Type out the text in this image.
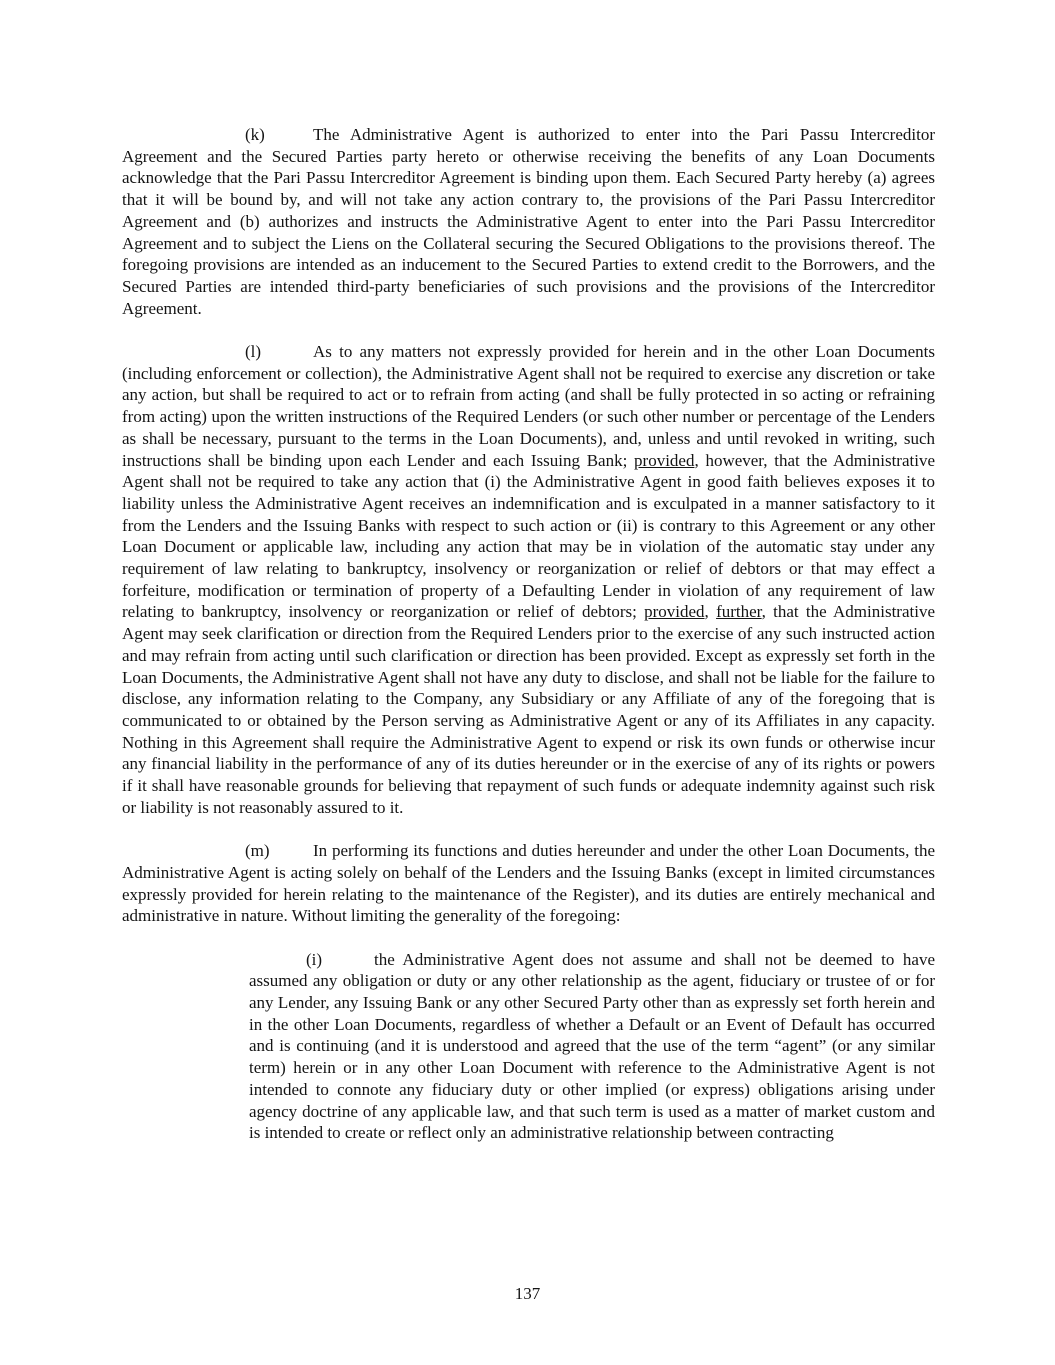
(k)	The Administrative Agent is authorized to enter into the Pari Passu Intercreditor Agreement and the Secured Parties party hereto or otherwise receiving the benefits of any Loan Documents acknowledge that the Pari Passu Intercreditor Agreement is binding upon them. Each Secured Party hereby (a) agrees that it will be bound by, and will not take any action contrary to, the provisions of the Pari Passu Intercreditor Agreement and (b) authorizes and instructs the Administrative Agent to enter into the Pari Passu Intercreditor Agreement and to subject the Liens on the Collateral securing the Secured Obligations to the provisions thereof. The foregoing provisions are intended as an inducement to the Secured Parties to extend credit to the Borrowers, and the Secured Parties are intended third-party beneficiaries of such provisions and the provisions of the Intercreditor Agreement.

(l)	As to any matters not expressly provided for herein and in the other Loan Documents (including enforcement or collection), the Administrative Agent shall not be required to exercise any discretion or take any action, but shall be required to act or to refrain from acting (and shall be fully protected in so acting or refraining from acting) upon the written instructions of the Required Lenders (or such other number or percentage of the Lenders as shall be necessary, pursuant to the terms in the Loan Documents), and, unless and until revoked in writing, such instructions shall be binding upon each Lender and each Issuing Bank; provided, however, that the Administrative Agent shall not be required to take any action that (i) the Administrative Agent in good faith believes exposes it to liability unless the Administrative Agent receives an indemnification and is exculpated in a manner satisfactory to it from the Lenders and the Issuing Banks with respect to such action or (ii) is contrary to this Agreement or any other Loan Document or applicable law, including any action that may be in violation of the automatic stay under any requirement of law relating to bankruptcy, insolvency or reorganization or relief of debtors or that may effect a forfeiture, modification or termination of property of a Defaulting Lender in violation of any requirement of law relating to bankruptcy, insolvency or reorganization or relief of debtors; provided, further, that the Administrative Agent may seek clarification or direction from the Required Lenders prior to the exercise of any such instructed action and may refrain from acting until such clarification or direction has been provided. Except as expressly set forth in the Loan Documents, the Administrative Agent shall not have any duty to disclose, and shall not be liable for the failure to disclose, any information relating to the Company, any Subsidiary or any Affiliate of any of the foregoing that is communicated to or obtained by the Person serving as Administrative Agent or any of its Affiliates in any capacity. Nothing in this Agreement shall require the Administrative Agent to expend or risk its own funds or otherwise incur any financial liability in the performance of any of its duties hereunder or in the exercise of any of its rights or powers if it shall have reasonable grounds for believing that repayment of such funds or adequate indemnity against such risk or liability is not reasonably assured to it.

(m)	In performing its functions and duties hereunder and under the other Loan Documents, the Administrative Agent is acting solely on behalf of the Lenders and the Issuing Banks (except in limited circumstances expressly provided for herein relating to the maintenance of the Register), and its duties are entirely mechanical and administrative in nature. Without limiting the generality of the foregoing:

(i)	the Administrative Agent does not assume and shall not be deemed to have assumed any obligation or duty or any other relationship as the agent, fiduciary or trustee of or for any Lender, any Issuing Bank or any other Secured Party other than as expressly set forth herein and in the other Loan Documents, regardless of whether a Default or an Event of Default has occurred and is continuing (and it is understood and agreed that the use of the term “agent” (or any similar term) herein or in any other Loan Document with reference to the Administrative Agent is not intended to connote any fiduciary duty or other implied (or express) obligations arising under agency doctrine of any applicable law, and that such term is used as a matter of market custom and is intended to create or reflect only an administrative relationship between contracting

137
